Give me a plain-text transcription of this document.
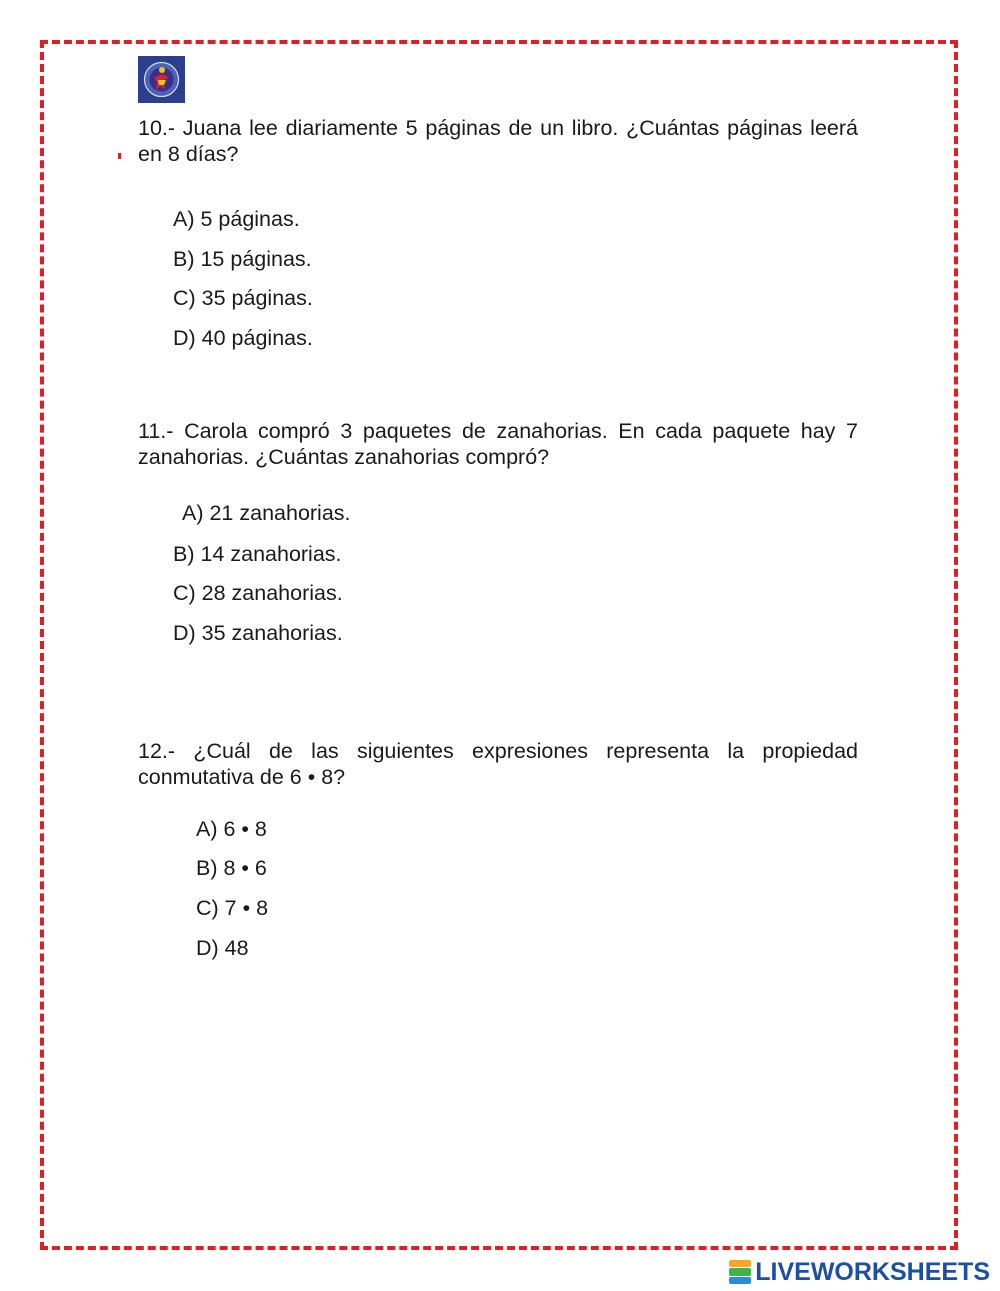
10.- Juana lee diariamente 5 páginas de un libro. ¿Cuántas páginas leerá en 8 días?
A) 5 páginas.
B) 15 páginas.
C) 35 páginas.
D) 40 páginas.
11.- Carola compró 3 paquetes de zanahorias. En cada paquete hay 7 zanahorias. ¿Cuántas zanahorias compró?
A) 21 zanahorias.
B) 14 zanahorias.
C) 28 zanahorias.
D) 35 zanahorias.
12.- ¿Cuál de las siguientes expresiones representa la propiedad conmutativa de 6 • 8?
A) 6 • 8
B) 8 • 6
C) 7 • 8
D) 48
LIVEWORKSHEETS
